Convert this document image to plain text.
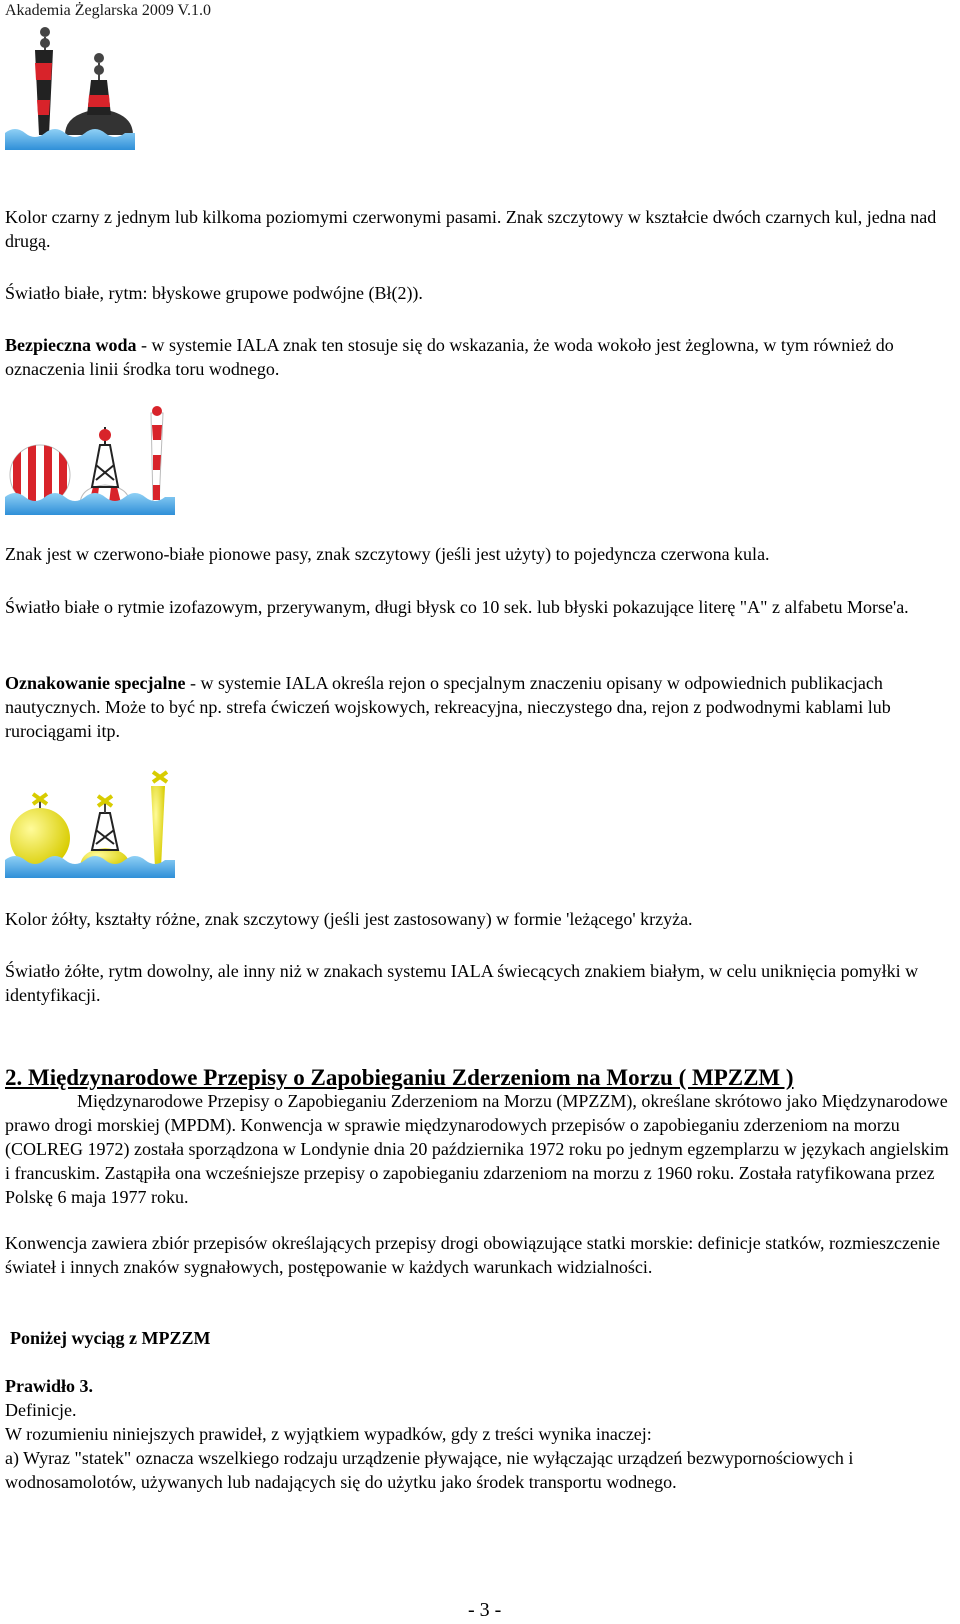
Akademia Żeglarska 2009 V.1.0
Kolor czarny z jednym lub kilkoma poziomymi czerwonymi pasami. Znak szczytowy w kształcie dwóch czarnych kul, jedna nad drugą.
Światło białe, rytm: błyskowe grupowe podwójne (Bł(2)).
Bezpieczna woda - w systemie IALA znak ten stosuje się do wskazania, że woda wokoło jest żeglowna, w tym również do oznaczenia linii środka toru wodnego.
Znak jest w czerwono-białe pionowe pasy, znak szczytowy (jeśli jest użyty) to pojedyncza czerwona kula.
Światło białe o rytmie izofazowym, przerywanym, długi błysk co 10 sek. lub błyski pokazujące literę "A" z alfabetu Morse'a.
Oznakowanie specjalne - w systemie IALA określa rejon o specjalnym znaczeniu opisany w odpowiednich publikacjach nautycznych. Może to być np. strefa ćwiczeń wojskowych, rekreacyjna, nieczystego dna, rejon z podwodnymi kablami lub rurociągami itp.
Kolor żółty, kształty różne, znak szczytowy (jeśli jest zastosowany) w formie 'leżącego' krzyża.
Światło żółte, rytm dowolny, ale inny niż w znakach systemu IALA świecących znakiem białym, w celu uniknięcia pomyłki w identyfikacji.
2. Międzynarodowe Przepisy o Zapobieganiu Zderzeniom na Morzu ( MPZZM )
Międzynarodowe Przepisy o Zapobieganiu Zderzeniom na Morzu (MPZZM), określane skrótowo jako Międzynarodowe prawo drogi morskiej (MPDM). Konwencja w sprawie międzynarodowych przepisów o zapobieganiu zderzeniom na morzu (COLREG 1972) została sporządzona w Londynie dnia 20 października 1972 roku po jednym egzemplarzu w językach angielskim i francuskim. Zastąpiła ona wcześniejsze przepisy o zapobieganiu zdarzeniom na morzu z 1960 roku. Została ratyfikowana przez Polskę 6 maja 1977 roku.
Konwencja zawiera zbiór przepisów określających przepisy drogi obowiązujące statki morskie: definicje statków, rozmieszczenie świateł i innych znaków sygnałowych, postępowanie w każdych warunkach widzialności.
Poniżej wyciąg z MPZZM
Prawidło 3.
Definicje.
W rozumieniu niniejszych prawideł, z wyjątkiem wypadków, gdy z treści wynika inaczej:
a) Wyraz "statek" oznacza wszelkiego rodzaju urządzenie pływające, nie wyłączając urządzeń bezwypornościowych i wodnosamolotów, używanych lub nadających się do użytku jako środek transportu wodnego.
- 3 -
